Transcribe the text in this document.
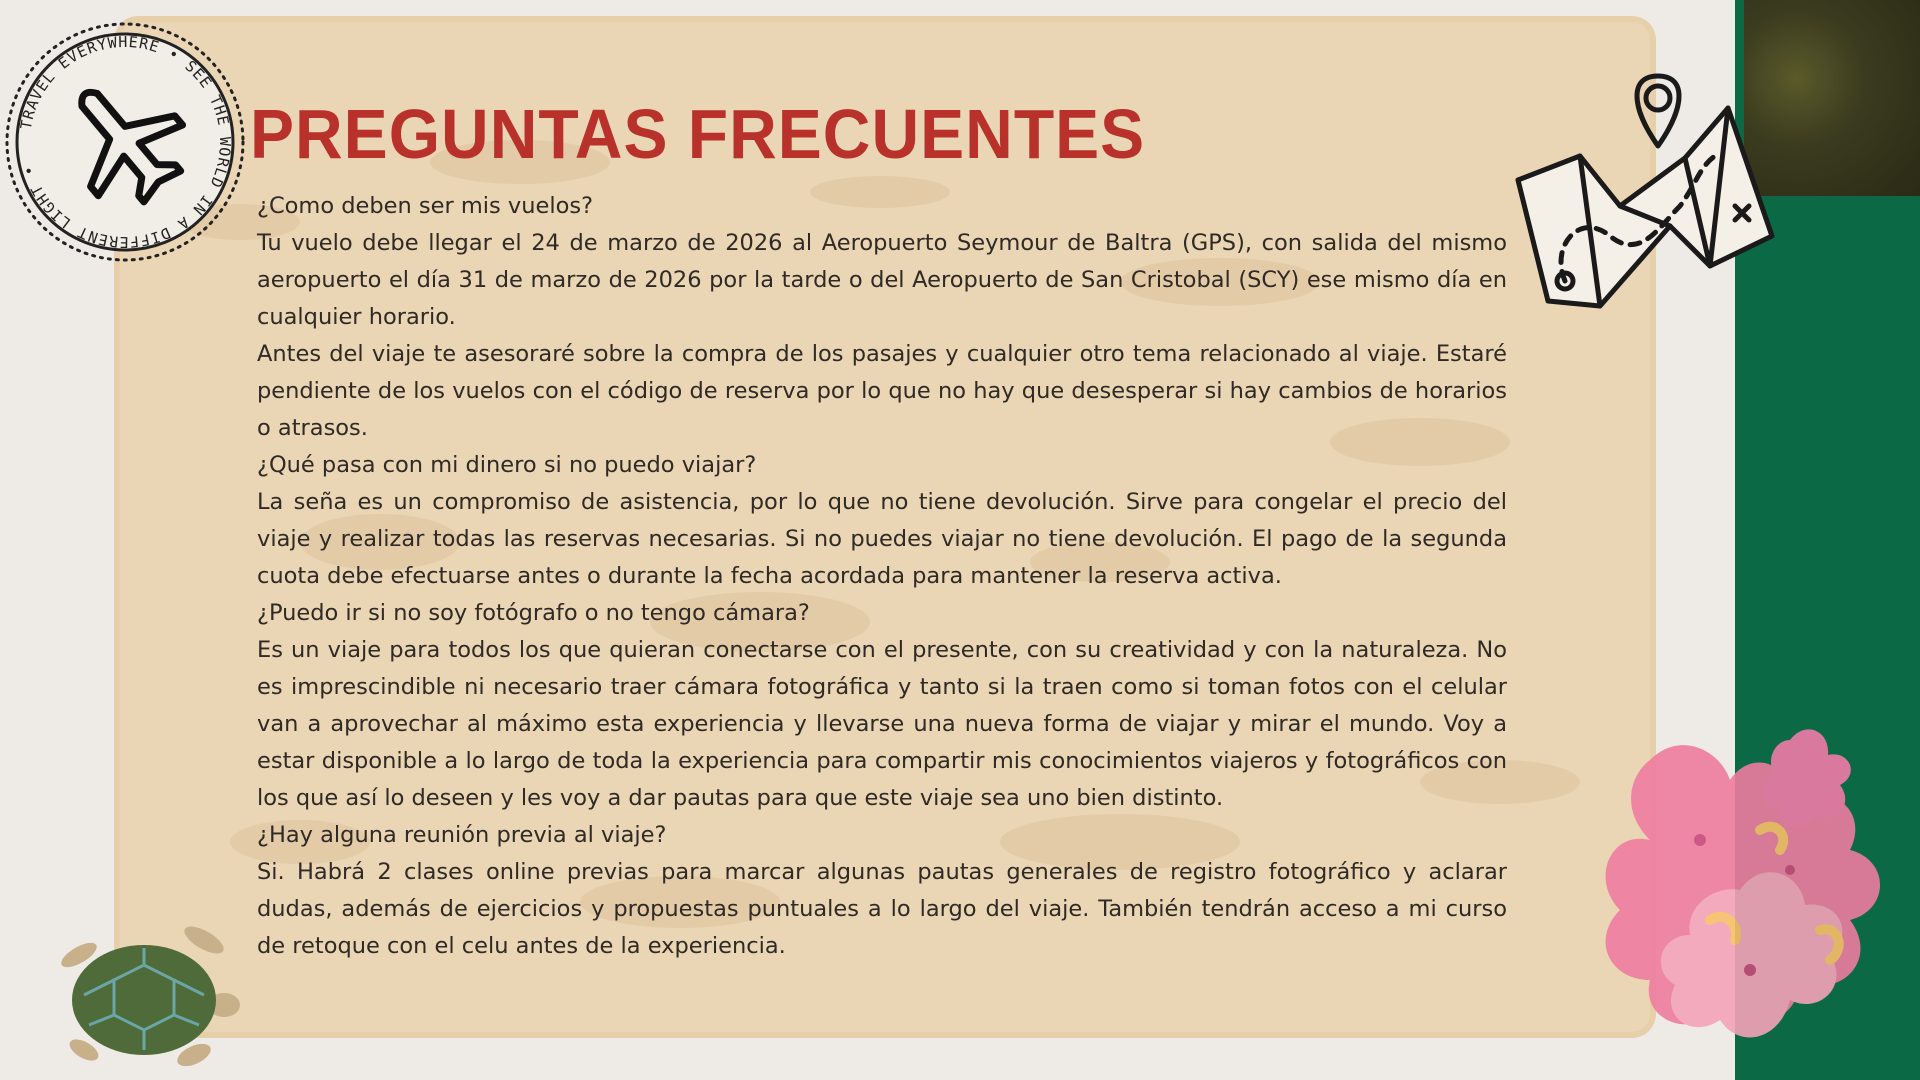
TRAVEL EVERYWHERE • SEE THE WORLD IN A DIFFERENT LIGHT •	PREGUNTAS FRECUENTES

¿Como deben ser mis vuelos?

Tu vuelo debe llegar el 24 de marzo de 2026 al Aeropuerto Seymour de Baltra (GPS), con salida del mismo aeropuerto el día 31 de marzo de 2026 por la tarde o del Aeropuerto de San Cristobal (SCY) ese mismo día en cualquier horario.

Antes del viaje te asesoraré sobre la compra de los pasajes y cualquier otro tema relacionado al viaje. Estaré pendiente de los vuelos con el código de reserva por lo que no hay que desesperar si hay cambios de horarios o atrasos.

¿Qué pasa con mi dinero si no puedo viajar?

La seña es un compromiso de asistencia, por lo que no tiene devolución. Sirve para congelar el precio del viaje y realizar todas las reservas necesarias. Si no puedes viajar no tiene devolución. El pago de la segunda cuota debe efectuarse antes o durante la fecha acordada para mantener la reserva activa.

¿Puedo ir si no soy fotógrafo o no tengo cámara?

Es un viaje para todos los que quieran conectarse con el presente, con su creatividad y con la naturaleza. No es imprescindible ni necesario traer cámara fotográfica y tanto si la traen como si toman fotos con el celular van a aprovechar al máximo esta experiencia y llevarse una nueva forma de viajar y mirar el mundo. Voy a estar disponible a lo largo de toda la experiencia para compartir mis conocimientos viajeros y fotográficos con los que así lo deseen y les voy a dar pautas para que este viaje sea uno bien distinto.

¿Hay alguna reunión previa al viaje?

Si. Habrá 2 clases online previas para marcar algunas pautas generales de registro fotográfico y aclarar dudas, además de ejercicios y propuestas puntuales a lo largo del viaje. También tendrán acceso a mi curso de retoque con el celu antes de la experiencia.
